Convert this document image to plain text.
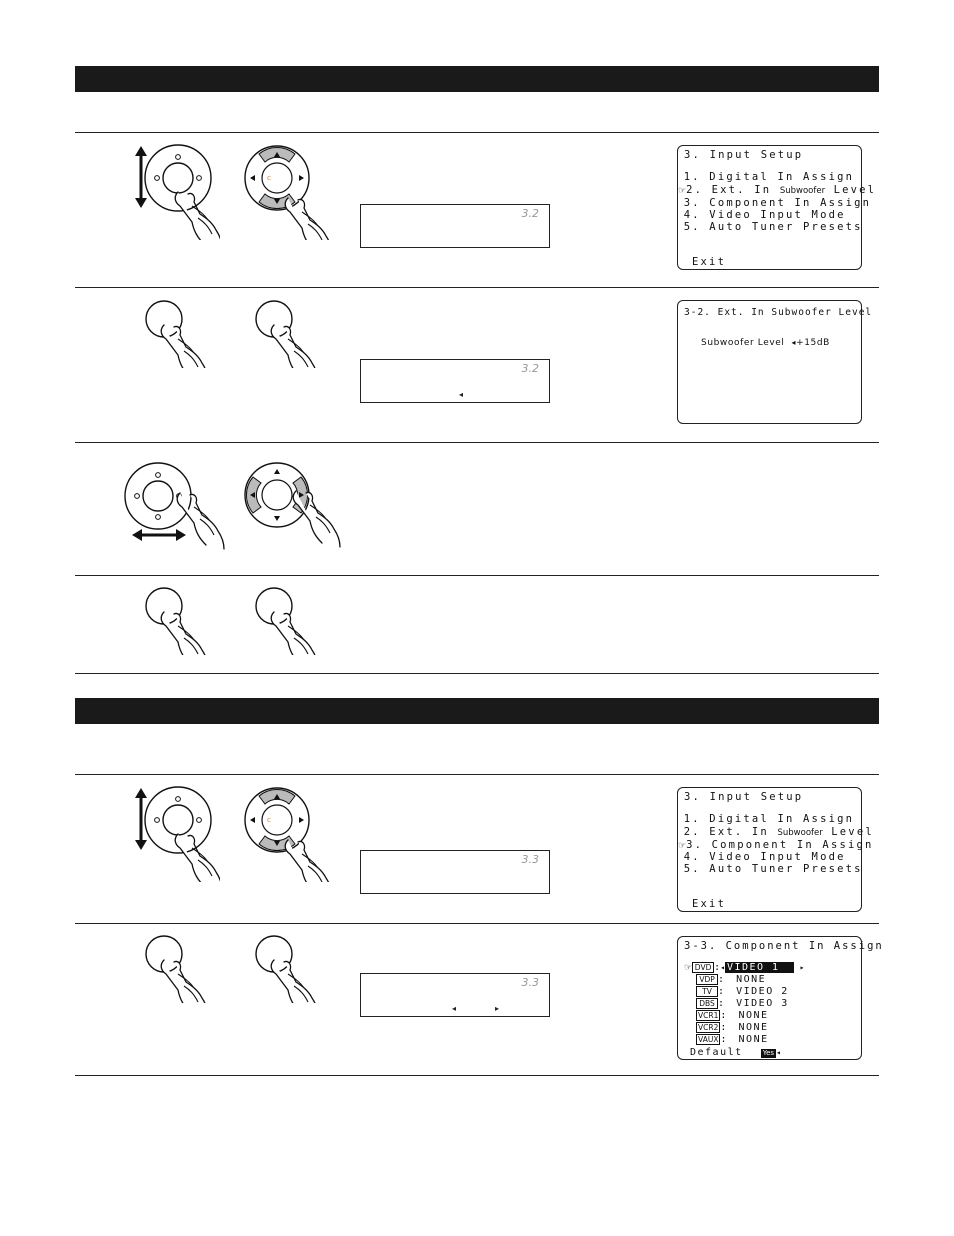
c
3.2
3. Input Setup
1. Digital In Assign
☞2. Ext. In Subwoofer Level
3. Component In Assign
4. Video Input Mode
5. Auto Tuner Presets
Exit
3.2
◂
3-2. Ext. In Subwoofer Level
Subwoofer Level ◂+15dB
c
3.3
3. Input Setup
1. Digital In Assign
2. Ext. In Subwoofer Level
☞3. Component In Assign
4. Video Input Mode
5. Auto Tuner Presets
Exit
3.3
◂	▸
3-3. Component In Assign
☞ DVD :◂ VIDEO 1	▸
VDP :  NONE
TV :  VIDEO 2
DBS :  VIDEO 3
VCR1 :  NONE
VCR2 :  NONE
VAUX :  NONE
Default	Yes ◂
